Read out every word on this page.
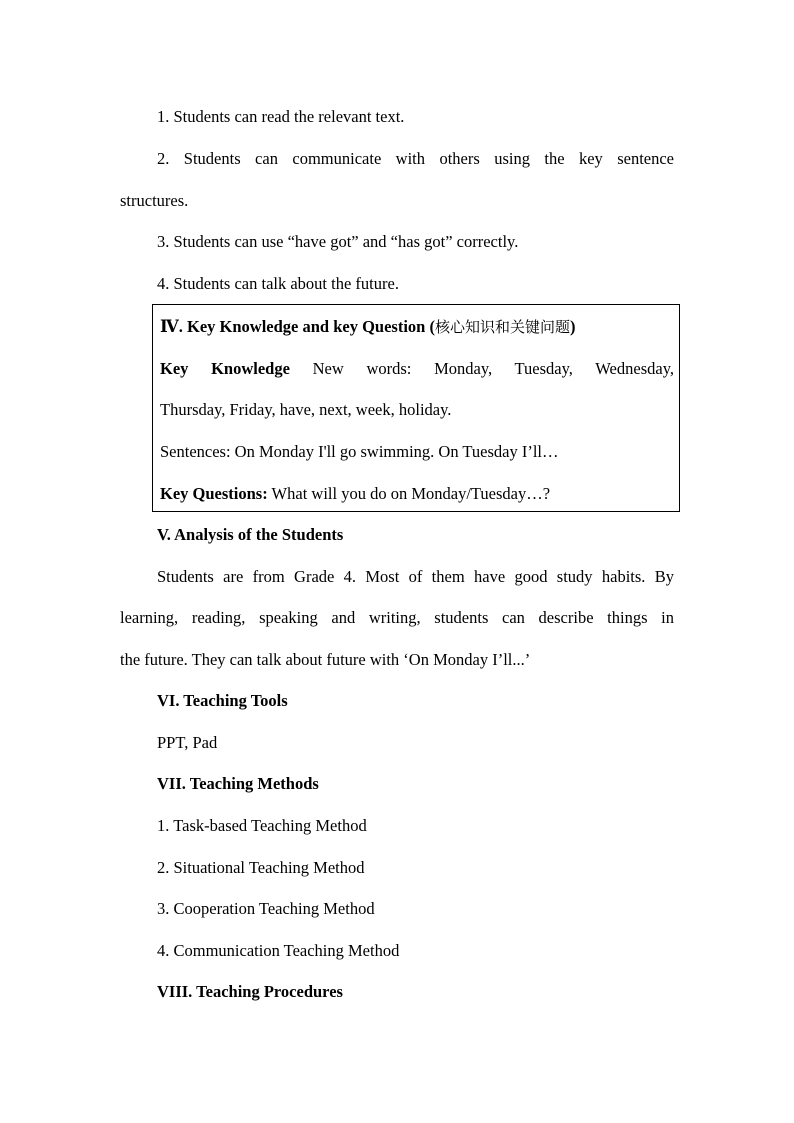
1. Students can read the relevant text.
2. Students can communicate with others using the key sentence
structures.
3. Students can use “have got” and “has got” correctly.
4. Students can talk about the future.
Ⅳ. Key Knowledge and key Question (核心知识和关键问题)
Key Knowledge New words: Monday, Tuesday, Wednesday,
Thursday, Friday, have, next, week, holiday.
Sentences: On Monday I'll go swimming. On Tuesday I’ll…
Key Questions: What will you do on Monday/Tuesday…?
V. Analysis of the Students
Students are from Grade 4. Most of them have good study habits. By
learning, reading, speaking and writing, students can describe things in
the future. They can talk about future with ‘On Monday I’ll...’
VI. Teaching Tools
PPT, Pad
VII. Teaching Methods
1. Task-based Teaching Method
2. Situational Teaching Method
3. Cooperation Teaching Method
4. Communication Teaching Method
VIII. Teaching Procedures
